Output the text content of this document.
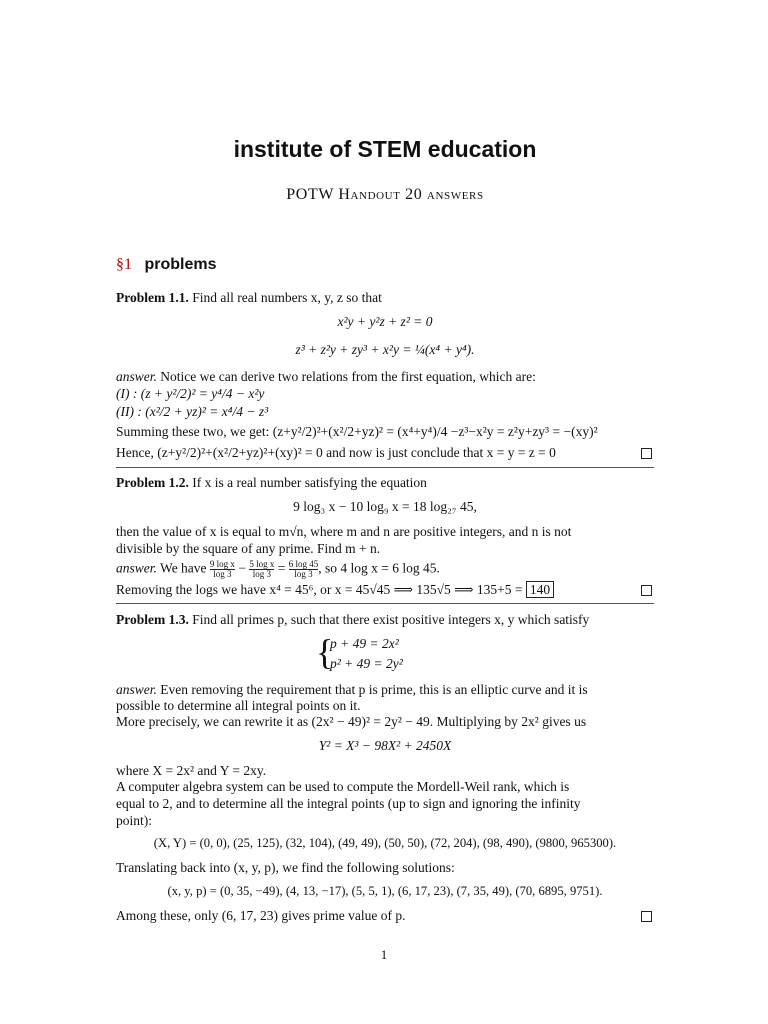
institute of STEM education
POTW Handout 20 answers
§1 problems
Problem 1.1. Find all real numbers x, y, z so that
x²y + y²z + z² = 0
z³ + z²y + zy³ + x²y = ¼(x⁴ + y⁴).
answer. Notice we can derive two relations from the first equation, which are:
(I) : (z + y²/2)² = y⁴/4 − x²y
(II) : (x²/2 + yz)² = x⁴/4 − z³
Summing these two, we get: (z+y²/2)²+(x²/2+yz)² = (x⁴+y⁴)/4 −z³−x²y = z²y+zy³ = −(xy)²
Hence, (z+y²/2)²+(x²/2+yz)²+(xy)² = 0 and now is just conclude that x = y = z = 0
Problem 1.2. If x is a real number satisfying the equation
9 log₃ x − 10 log₉ x = 18 log₂₇ 45,
then the value of x is equal to m√n, where m and n are positive integers, and n is not
divisible by the square of any prime. Find m + n.
answer. We have $\frac{\text{9 log x}}{\log 3} - \frac{\text{5 log x}}{\log 3} = \frac{6 \log 45}{\log 3}$ , so 4 log x = 6 log 45.
Removing the logs we have x⁴ = 45⁶, or x = 45√45 ⟹ 135√5 ⟹ 135+5 = 140
Problem 1.3. Find all primes p, such that there exist positive integers x, y which satisfy
{
p + 49 = 2x²
p² + 49 = 2y²
answer. Even removing the requirement that p is prime, this is an elliptic curve and it is
possible to determine all integral points on it.
More precisely, we can rewrite it as (2x² − 49)² = 2y² − 49. Multiplying by 2x² gives us
Y² = X³ − 98X² + 2450X
where X = 2x² and Y = 2xy.
A computer algebra system can be used to compute the Mordell-Weil rank, which is
equal to 2, and to determine all the integral points (up to sign and ignoring the infinity
point):
(X, Y) = (0, 0), (25, 125), (32, 104), (49, 49), (50, 50), (72, 204), (98, 490), (9800, 965300).
Translating back into (x, y, p), we find the following solutions:
(x, y, p) = (0, 35, −49), (4, 13, −17), (5, 5, 1), (6, 17, 23), (7, 35, 49), (70, 6895, 9751).
Among these, only (6, 17, 23) gives prime value of p.
1
